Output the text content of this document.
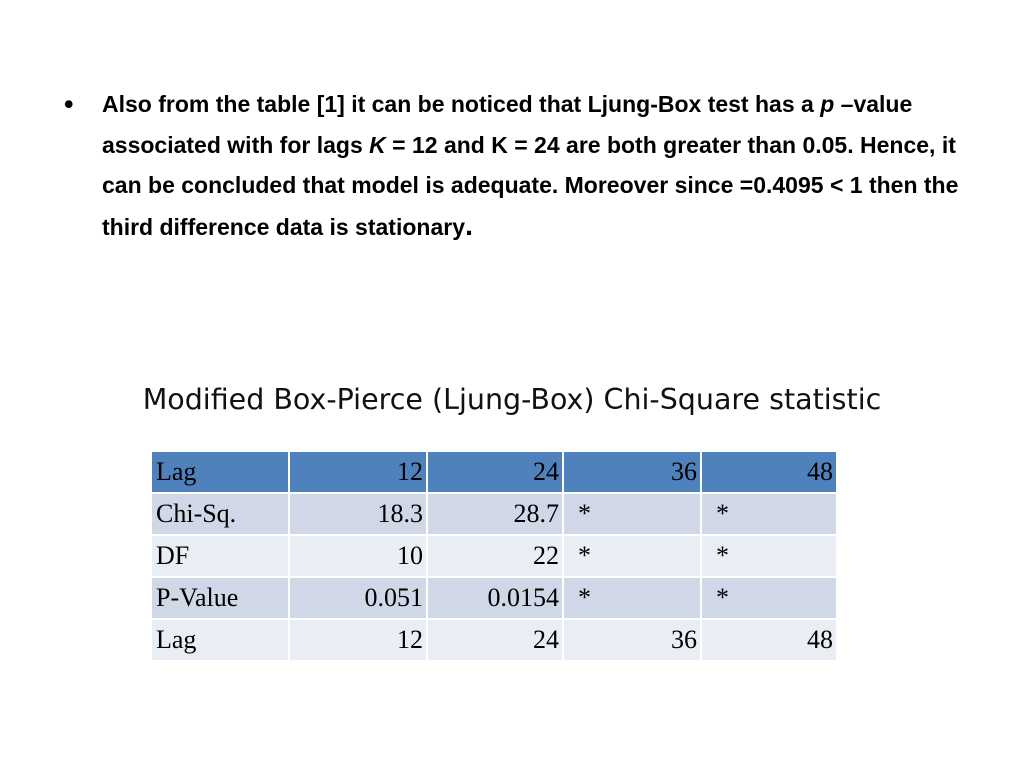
• Also from the table [1] it can be noticed that Ljung-Box test has a p –value associated with for lags K = 12 and K = 24 are both greater than 0.05. Hence, it can be concluded that model is adequate. Moreover since =0.4095 < 1 then the third difference data is stationary.
Modified Box-Pierce (Ljung-Box) Chi-Square statistic
Lag	12	24	36	48
Chi-Sq.	18.3	28.7	*	*
DF	10	22	*	*
P-Value	0.051	0.0154	*	*
Lag	12	24	36	48
